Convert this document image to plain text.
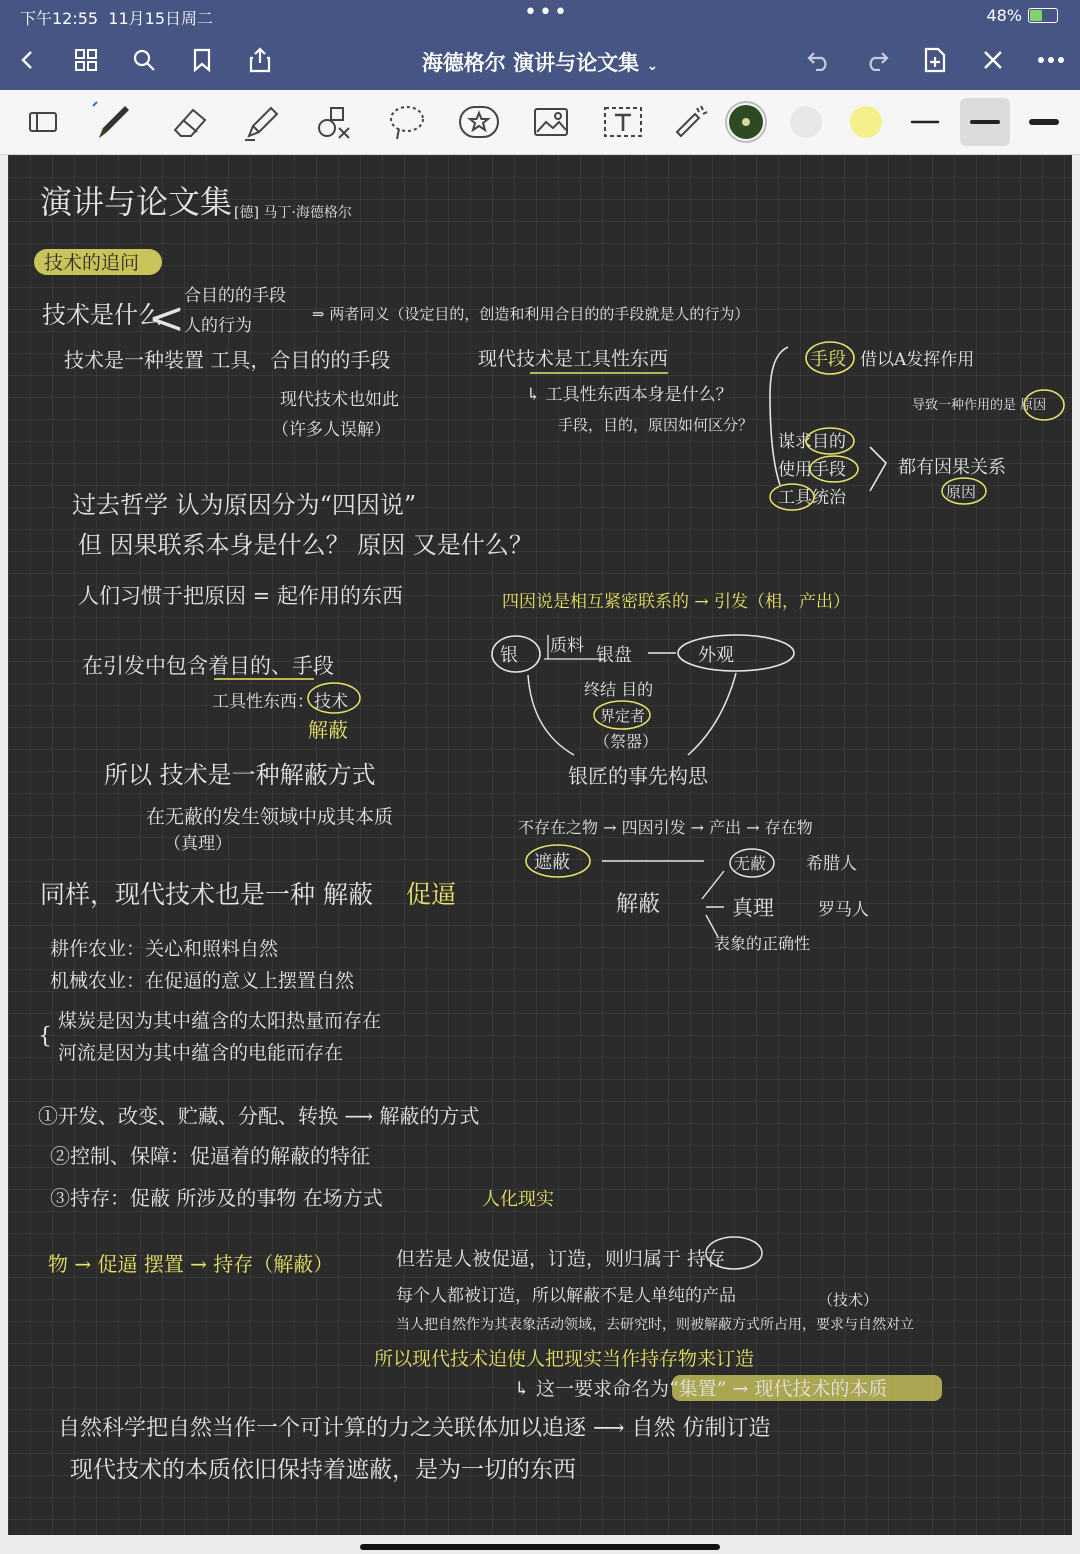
下午12:55 11月15日周二	•••	48%
海德格尔 演讲与论文集 ⌄
演讲与论文集 [德] 马丁·海德格尔
技术的追问
技术是什么
< 合目的的手段
人的行为
⇒ 两者同义（设定目的，创造和利用合目的的手段就是人的行为）
技术是一种装置 工具，合目的的手段
现代技术也如此
（许多人误解）
现代技术是工具性东西
↳ 工具性东西本身是什么？
手段，目的，原因如何区分？
手段 借以A发挥作用
导致一种作用的是 原因
谋求目的
使用手段
工具统治
都有因果关系
原因
过去哲学 认为原因分为“四因说”
但 因果联系本身是什么？ 原因 又是什么？
人们习惯于把原因 = 起作用的东西	四因说是相互紧密联系的 → 引发（相，产出）
在引发中包含着目的、手段
工具性东西：技术
解蔽
所以 技术是一种解蔽方式
在无蔽的发生领域中成其本质
（真理）
银 质料 银盘	外观
终结 目的
界定者
（祭器）
银匠的事先构思
不存在之物 → 四因引发 → 产出 → 存在物
遮蔽	无蔽
解蔽
希腊人
真理	罗马人
表象的正确性
同样，现代技术也是一种 解蔽 促逼
耕作农业：关心和照料自然
机械农业：在促逼的意义上摆置自然
{
煤炭是因为其中蕴含的太阳热量而存在
河流是因为其中蕴含的电能而存在
①开发、改变、贮藏、分配、转换 ⟶ 解蔽的方式
②控制、保障：促逼着的解蔽的特征
③持存：促蔽 所涉及的事物 在场方式	人化现实
物 → 促逼 摆置 → 持存（解蔽）	但若是人被促逼，订造，则归属于 持存
每个人都被订造，所以解蔽不是人单纯的产品	（技术）
当人把自然作为其表象活动领域，去研究时，则被解蔽方式所占用，要求与自然对立
所以现代技术迫使人把现实当作持存物来订造
↳ 这一要求命名为“集置” → 现代技术的本质
自然科学把自然当作一个可计算的力之关联体加以追逐 ⟶ 自然 仿制订造
现代技术的本质依旧保持着遮蔽，是为一切的东西
